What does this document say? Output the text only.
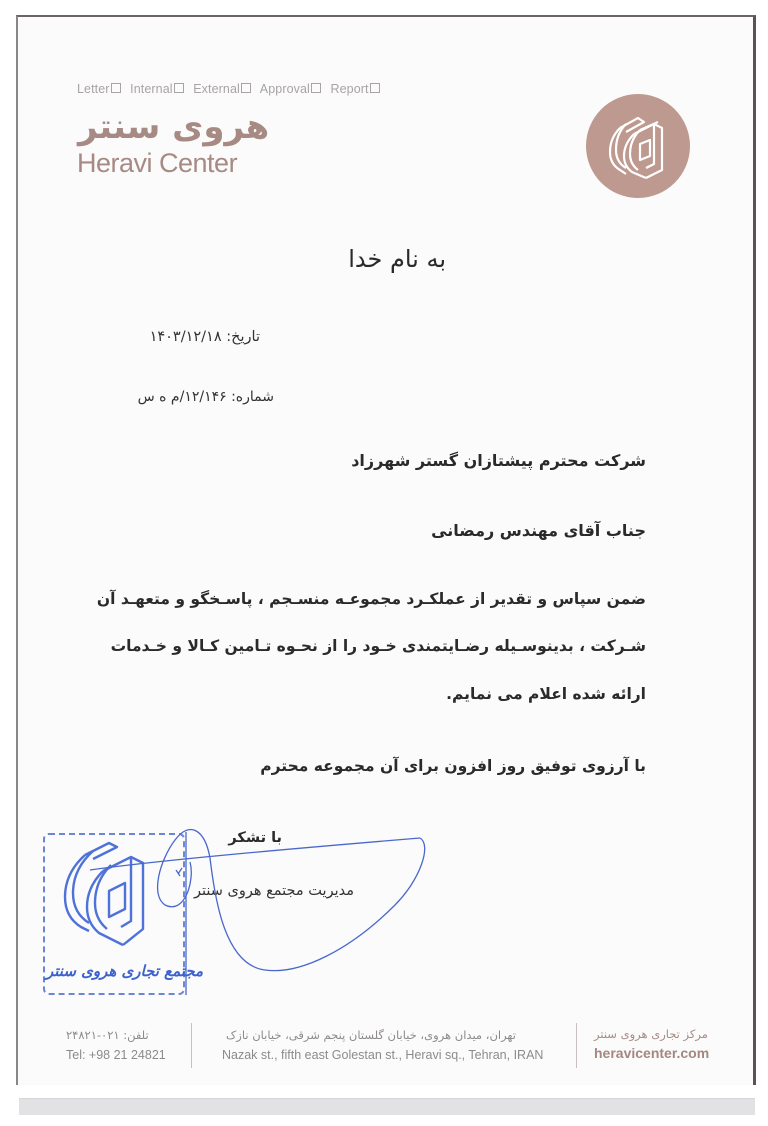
Letter Internal External Approval Report
هروی سنتر
Heravi Center
به نام خدا
تاریخ: ۱۴۰۳/۱۲/۱۸
شماره: ۱۲/۱۴۶/م ه س
شرکت محترم پیشتازان گستر شهرزاد
جناب آقای مهندس رمضانی
ضمن سپاس و تقدیر از عملکـرد مجموعـه منسـجم ، پاسـخگو و متعهـد آن
شـرکت ، بدینوسـیله رضـایتمندی خـود را از نحـوه تـامین کـالا و خـدمات
ارائه شده اعلام می نمایم.
با آرزوی توفیق روز افزون برای آن مجموعه محترم
مجتمع تجاری هروی سنتر
با تشکر
مدیریت مجتمع هروی سنتر
تلفن: ۰۲۱-۲۴۸۲۱
Tel: +98 21 24821
تهران، میدان هروی، خیابان گلستان پنجم شرقی، خیابان نازک
Nazak st., fifth east Golestan st., Heravi sq., Tehran, IRAN
مرکز تجاری هروی سنتر
heravicenter.com
